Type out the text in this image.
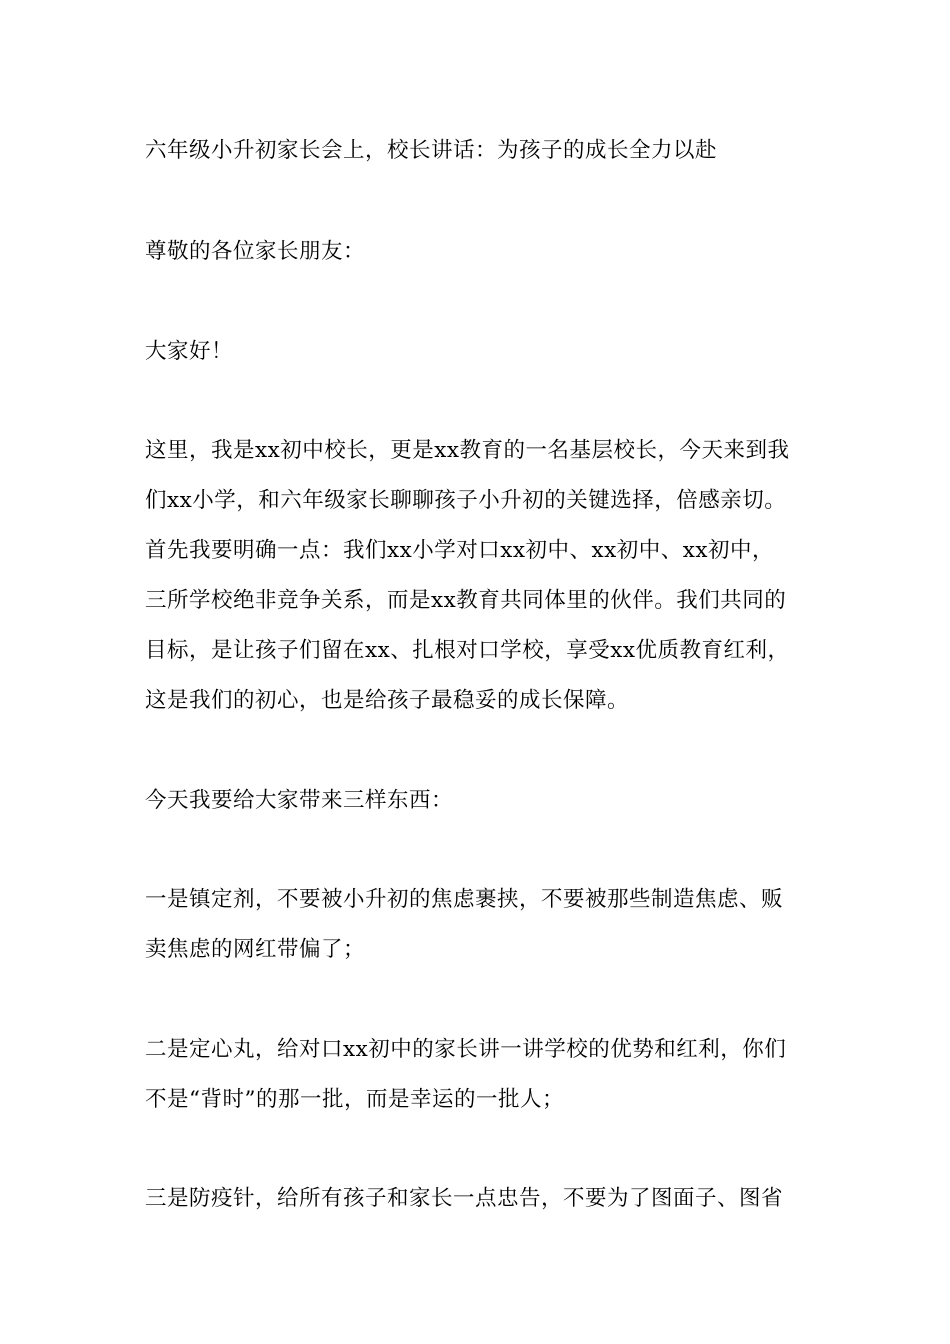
六年级小升初家长会上，校长讲话：为孩子的成长全力以赴

尊敬的各位家长朋友：

大家好！

这里，我是xx初中校长，更是xx教育的一名基层校长，今天来到我
们xx小学，和六年级家长聊聊孩子小升初的关键选择，倍感亲切。
首先我要明确一点：我们xx小学对口xx初中、xx初中、xx初中，
三所学校绝非竞争关系，而是xx教育共同体里的伙伴。我们共同的
目标，是让孩子们留在xx、扎根对口学校，享受xx优质教育红利，
这是我们的初心，也是给孩子最稳妥的成长保障。

今天我要给大家带来三样东西：

一是镇定剂，不要被小升初的焦虑裹挟，不要被那些制造焦虑、贩
卖焦虑的网红带偏了；

二是定心丸，给对口xx初中的家长讲一讲学校的优势和红利，你们
不是“背时”的那一批，而是幸运的一批人；

三是防疫针，给所有孩子和家长一点忠告，不要为了图面子、图省
